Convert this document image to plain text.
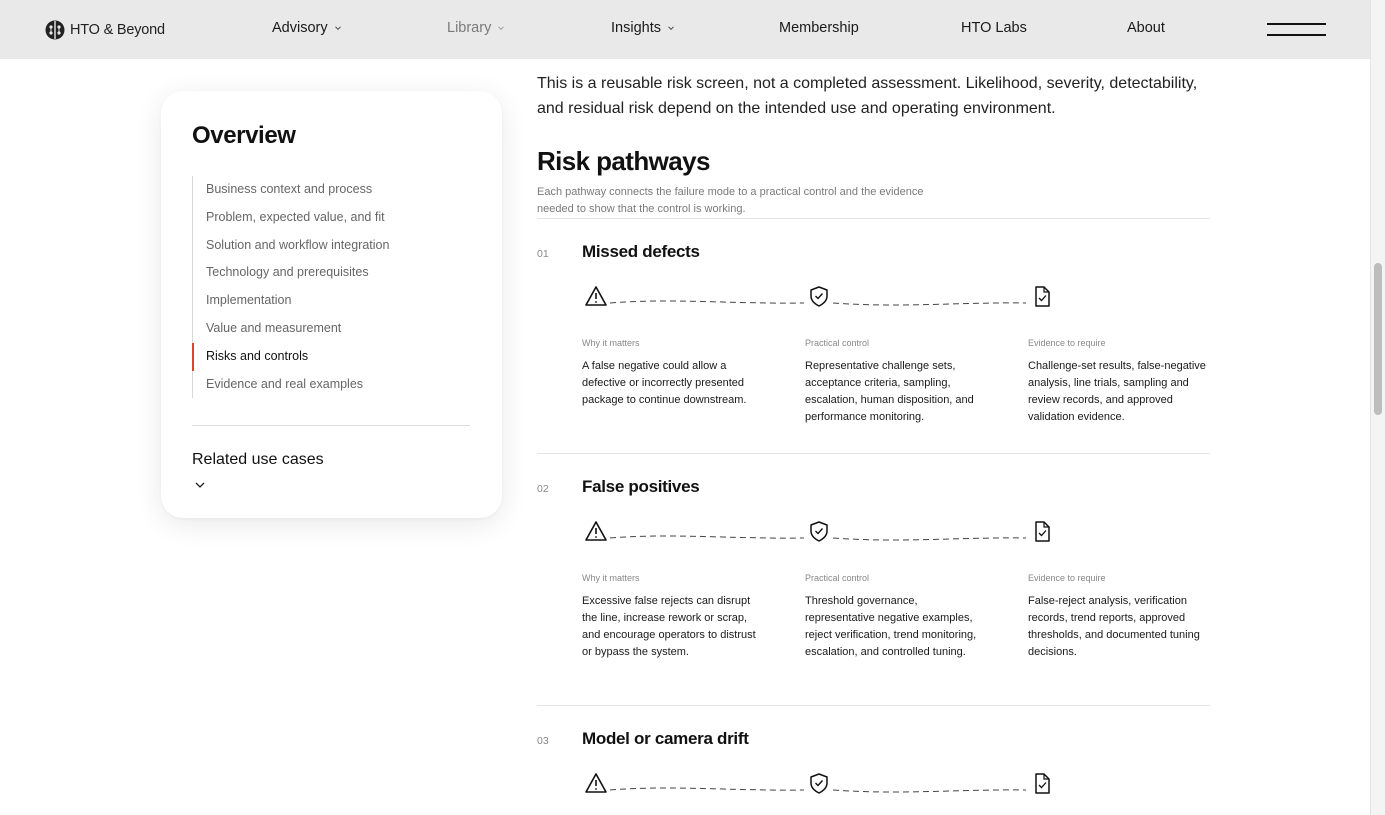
HTO & Beyond	Advisory	Library	Insights	Membership	HTO Labs	About
Overview
Business context and process
Problem, expected value, and fit
Solution and workflow integration
Technology and prerequisites
Implementation
Value and measurement
Risks and controls
Evidence and real examples
Related use cases

This is a reusable risk screen, not a completed assessment. Likelihood, severity, detectability, and residual risk depend on the intended use and operating environment.

Risk pathways

Each pathway connects the failure mode to a practical control and the evidence needed to show that the control is working.

01 Missed defects
Why it matters
A false negative could allow a defective or incorrectly presented package to continue downstream.
Practical control
Representative challenge sets, acceptance criteria, sampling, escalation, human disposition, and performance monitoring.
Evidence to require
Challenge-set results, false-negative analysis, line trials, sampling and review records, and approved validation evidence.
02 False positives
Why it matters
Excessive false rejects can disrupt the line, increase rework or scrap, and encourage operators to distrust or bypass the system.
Practical control
Threshold governance, representative negative examples, reject verification, trend monitoring, escalation, and controlled tuning.
Evidence to require
False-reject analysis, verification records, trend reports, approved thresholds, and documented tuning decisions.
03 Model or camera drift
